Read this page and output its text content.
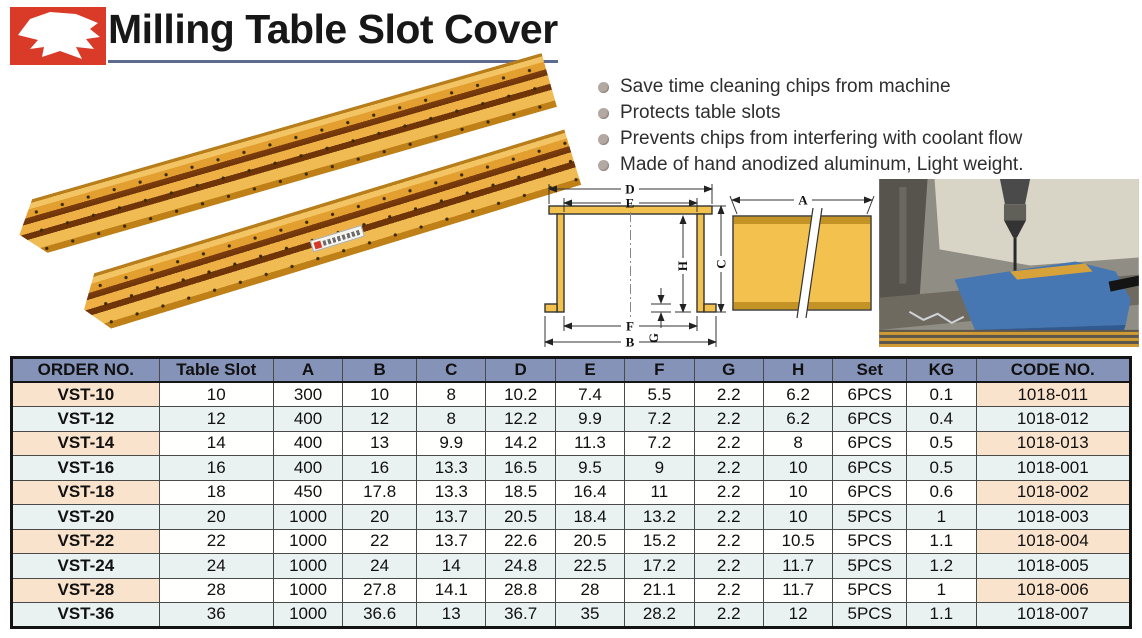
Milling Table Slot Cover
Save time cleaning chips from machine
Protects table slots
Prevents chips from interfering with coolant flow
Made of hand anodized aluminum, Light weight.
D
E
H C
G
F
B
A
ORDER NO.	Table Slot	A	B	C	D	E	F	G	H	Set	KG	CODE NO.
VST-10	10	300	10	8	10.2	7.4	5.5	2.2	6.2	6PCS	0.1	1018-011
VST-12	12	400	12	8	12.2	9.9	7.2	2.2	6.2	6PCS	0.4	1018-012
VST-14	14	400	13	9.9	14.2	11.3	7.2	2.2	8	6PCS	0.5	1018-013
VST-16	16	400	16	13.3	16.5	9.5	9	2.2	10	6PCS	0.5	1018-001
VST-18	18	450	17.8	13.3	18.5	16.4	11	2.2	10	6PCS	0.6	1018-002
VST-20	20	1000	20	13.7	20.5	18.4	13.2	2.2	10	5PCS	1	1018-003
VST-22	22	1000	22	13.7	22.6	20.5	15.2	2.2	10.5	5PCS	1.1	1018-004
VST-24	24	1000	24	14	24.8	22.5	17.2	2.2	11.7	5PCS	1.2	1018-005
VST-28	28	1000	27.8	14.1	28.8	28	21.1	2.2	11.7	5PCS	1	1018-006
VST-36	36	1000	36.6	13	36.7	35	28.2	2.2	12	5PCS	1.1	1018-007
